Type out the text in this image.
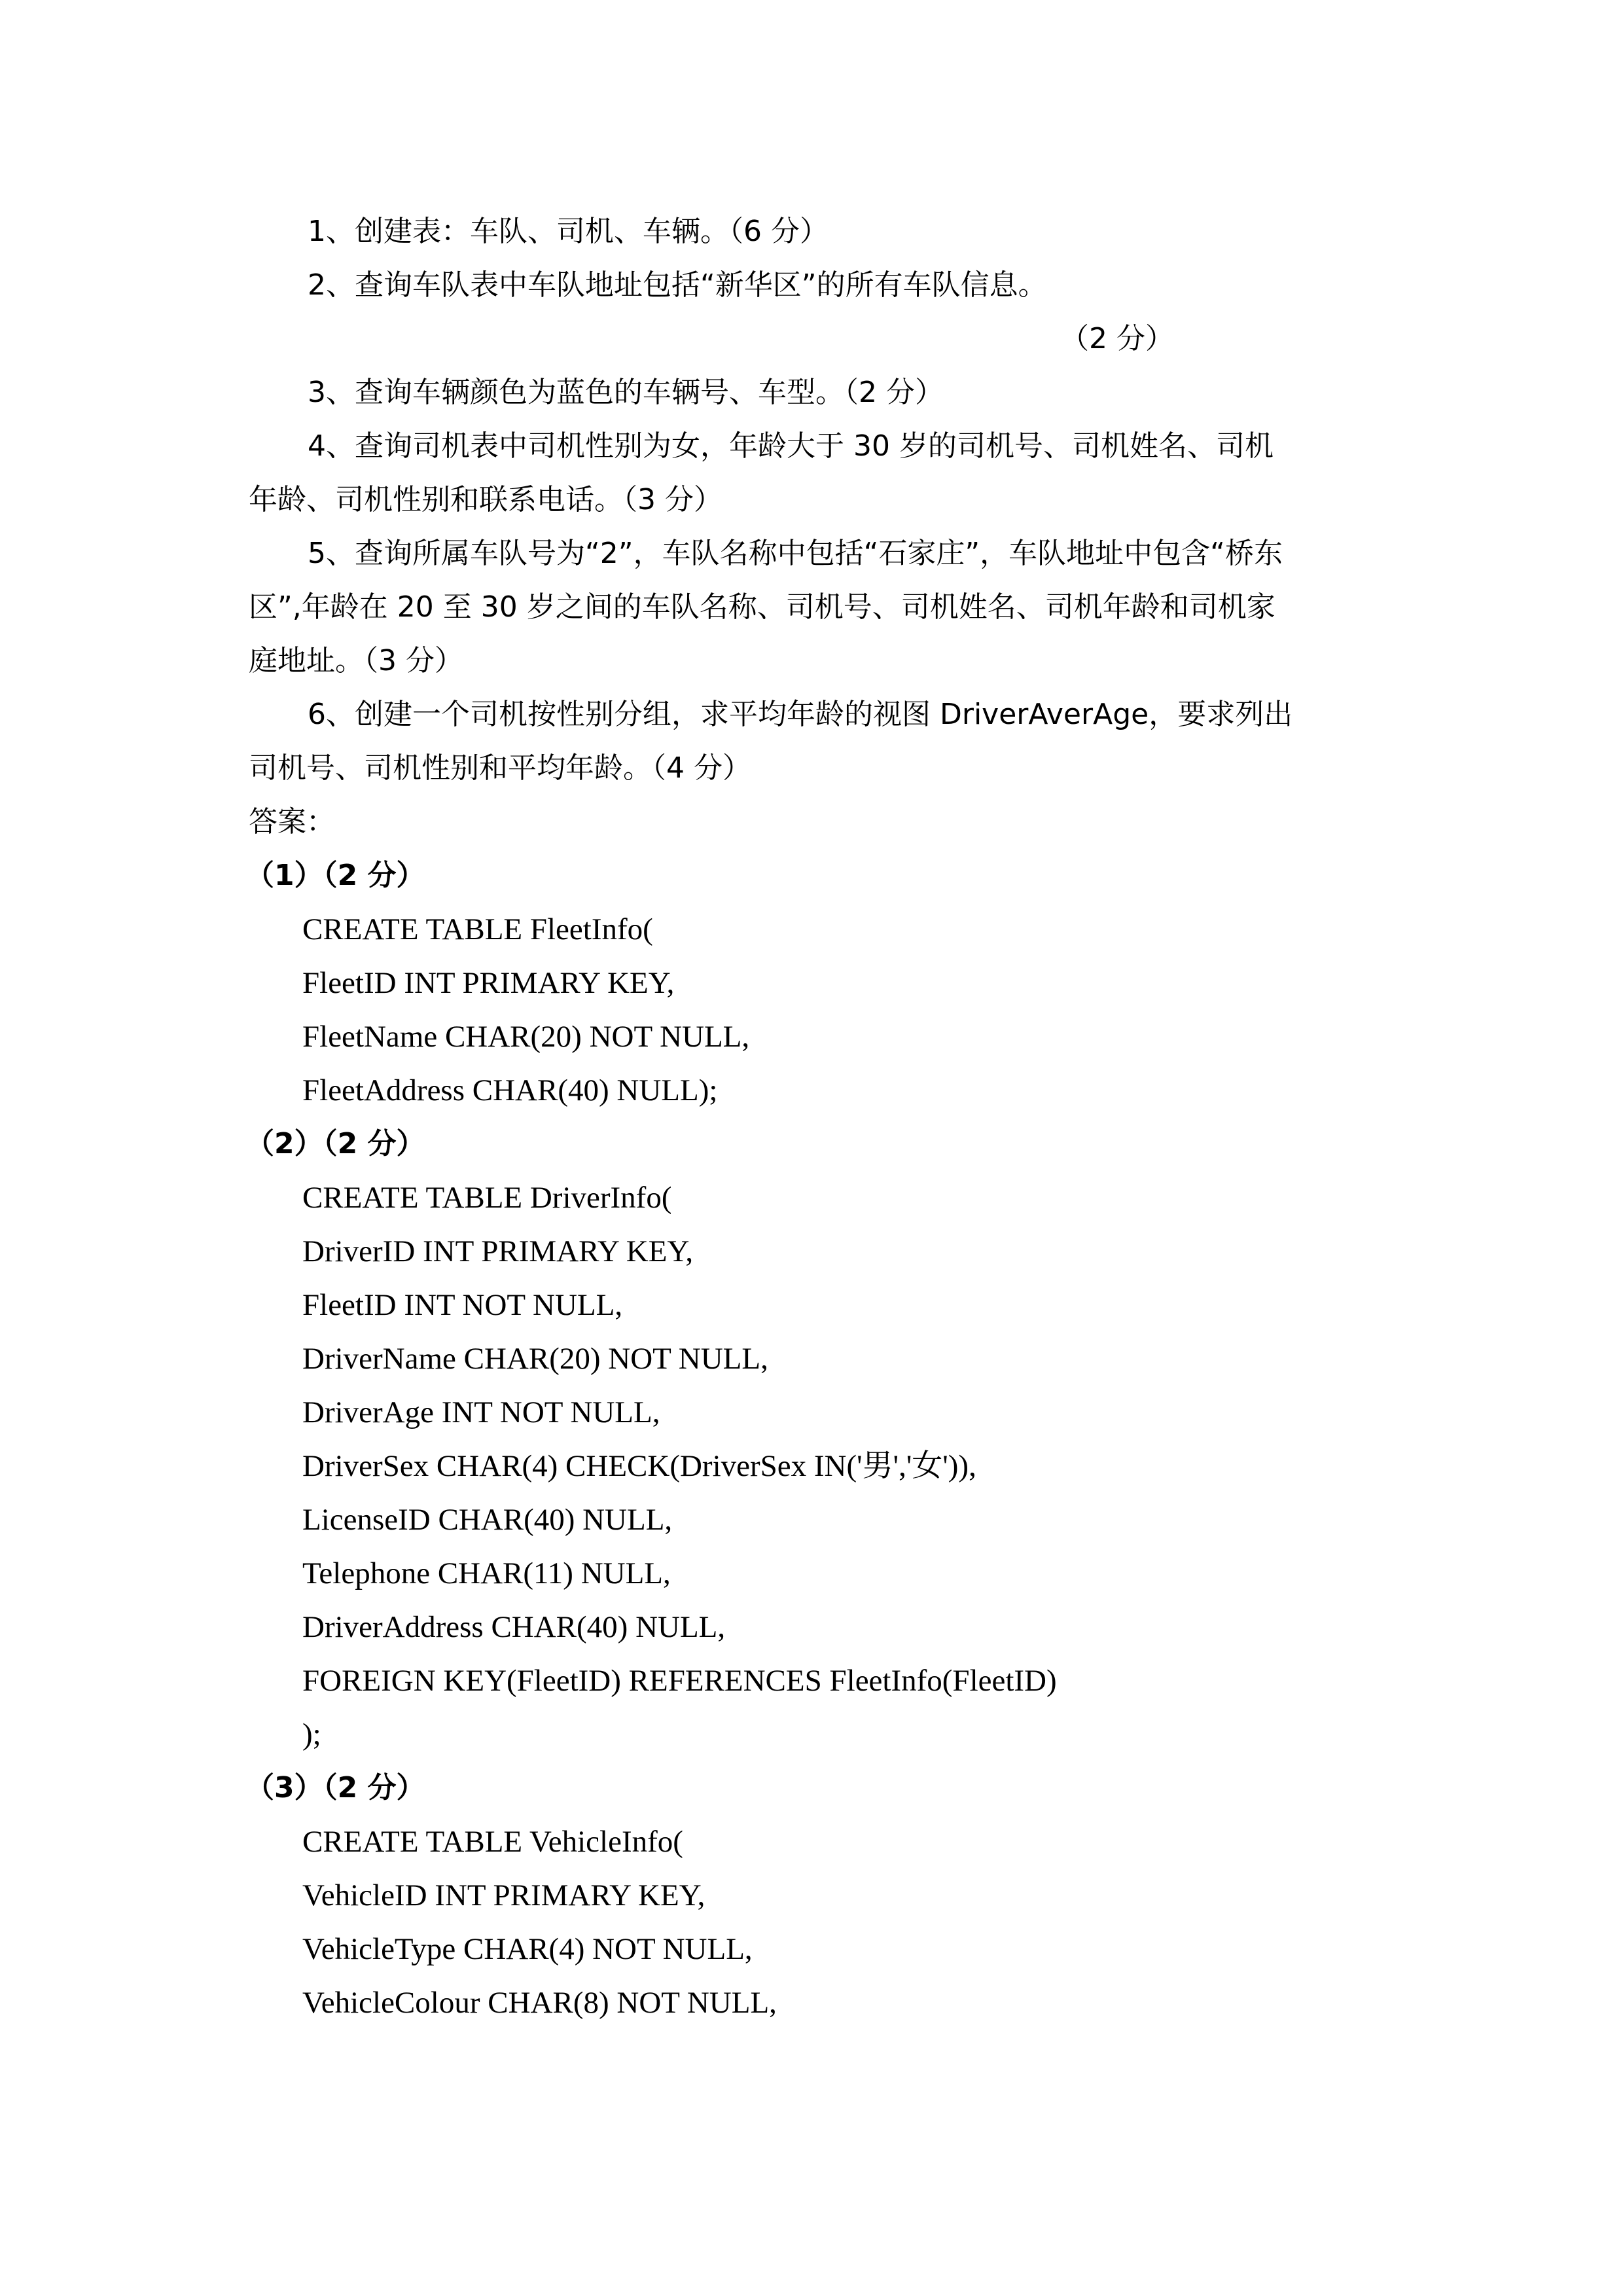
1、创建表：车队、司机、车辆。（6 分）
2、查询车队表中车队地址包括“新华区”的所有车队信息。
（2 分）
3、查询车辆颜色为蓝色的车辆号、车型。（2 分）
4、查询司机表中司机性别为女，年龄大于 30 岁的司机号、司机姓名、司机
年龄、司机性别和联系电话。（3 分）
5、查询所属车队号为“2”，车队名称中包括“石家庄”，车队地址中包含“桥东
区”,年龄在 20 至 30 岁之间的车队名称、司机号、司机姓名、司机年龄和司机家
庭地址。（3 分）
6、创建一个司机按性别分组，求平均年龄的视图 DriverAverAge，要求列出
司机号、司机性别和平均年龄。（4 分）
答案：
（1）（2 分）
CREATE TABLE FleetInfo(
FleetID INT PRIMARY KEY,
FleetName CHAR(20) NOT NULL,
FleetAddress CHAR(40) NULL);
（2）（2 分）
CREATE TABLE DriverInfo(
DriverID INT PRIMARY KEY,
FleetID INT NOT NULL,
DriverName CHAR(20) NOT NULL,
DriverAge INT NOT NULL,
DriverSex CHAR(4) CHECK(DriverSex IN('男','女')),
LicenseID CHAR(40) NULL,
Telephone CHAR(11) NULL,
DriverAddress CHAR(40) NULL,
FOREIGN KEY(FleetID) REFERENCES FleetInfo(FleetID)
);
（3）（2 分）
CREATE TABLE VehicleInfo(
VehicleID INT PRIMARY KEY,
VehicleType CHAR(4) NOT NULL,
VehicleColour CHAR(8) NOT NULL,
